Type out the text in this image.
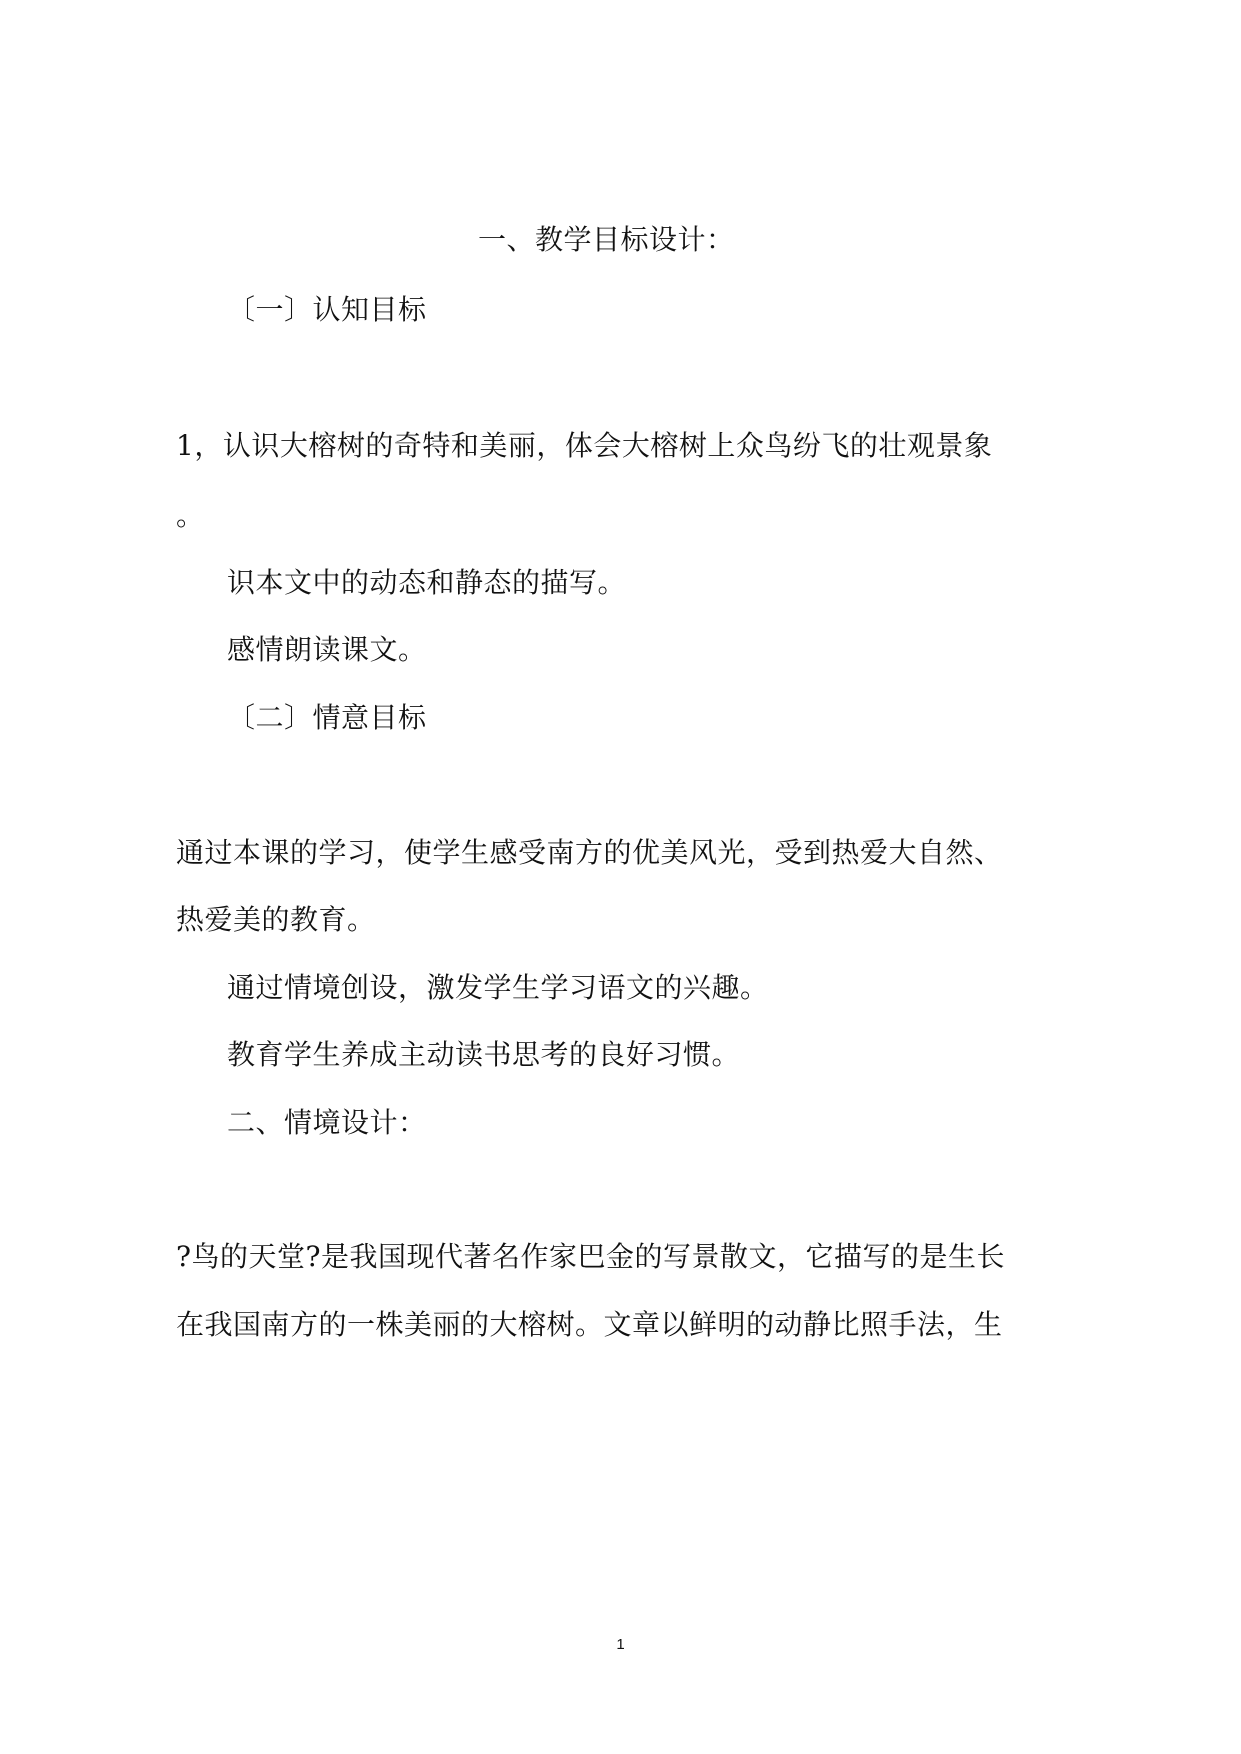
一、教学目标设计：
〔一〕认知目标
1，认识大榕树的奇特和美丽，体会大榕树上众鸟纷飞的壮观景象
。
识本文中的动态和静态的描写。
感情朗读课文。
〔二〕情意目标
通过本课的学习，使学生感受南方的优美风光，受到热爱大自然、
热爱美的教育。
通过情境创设，激发学生学习语文的兴趣。
教育学生养成主动读书思考的良好习惯。
二、情境设计：
?鸟的天堂?是我国现代著名作家巴金的写景散文，它描写的是生长
在我国南方的一株美丽的大榕树。文章以鲜明的动静比照手法，生
1
